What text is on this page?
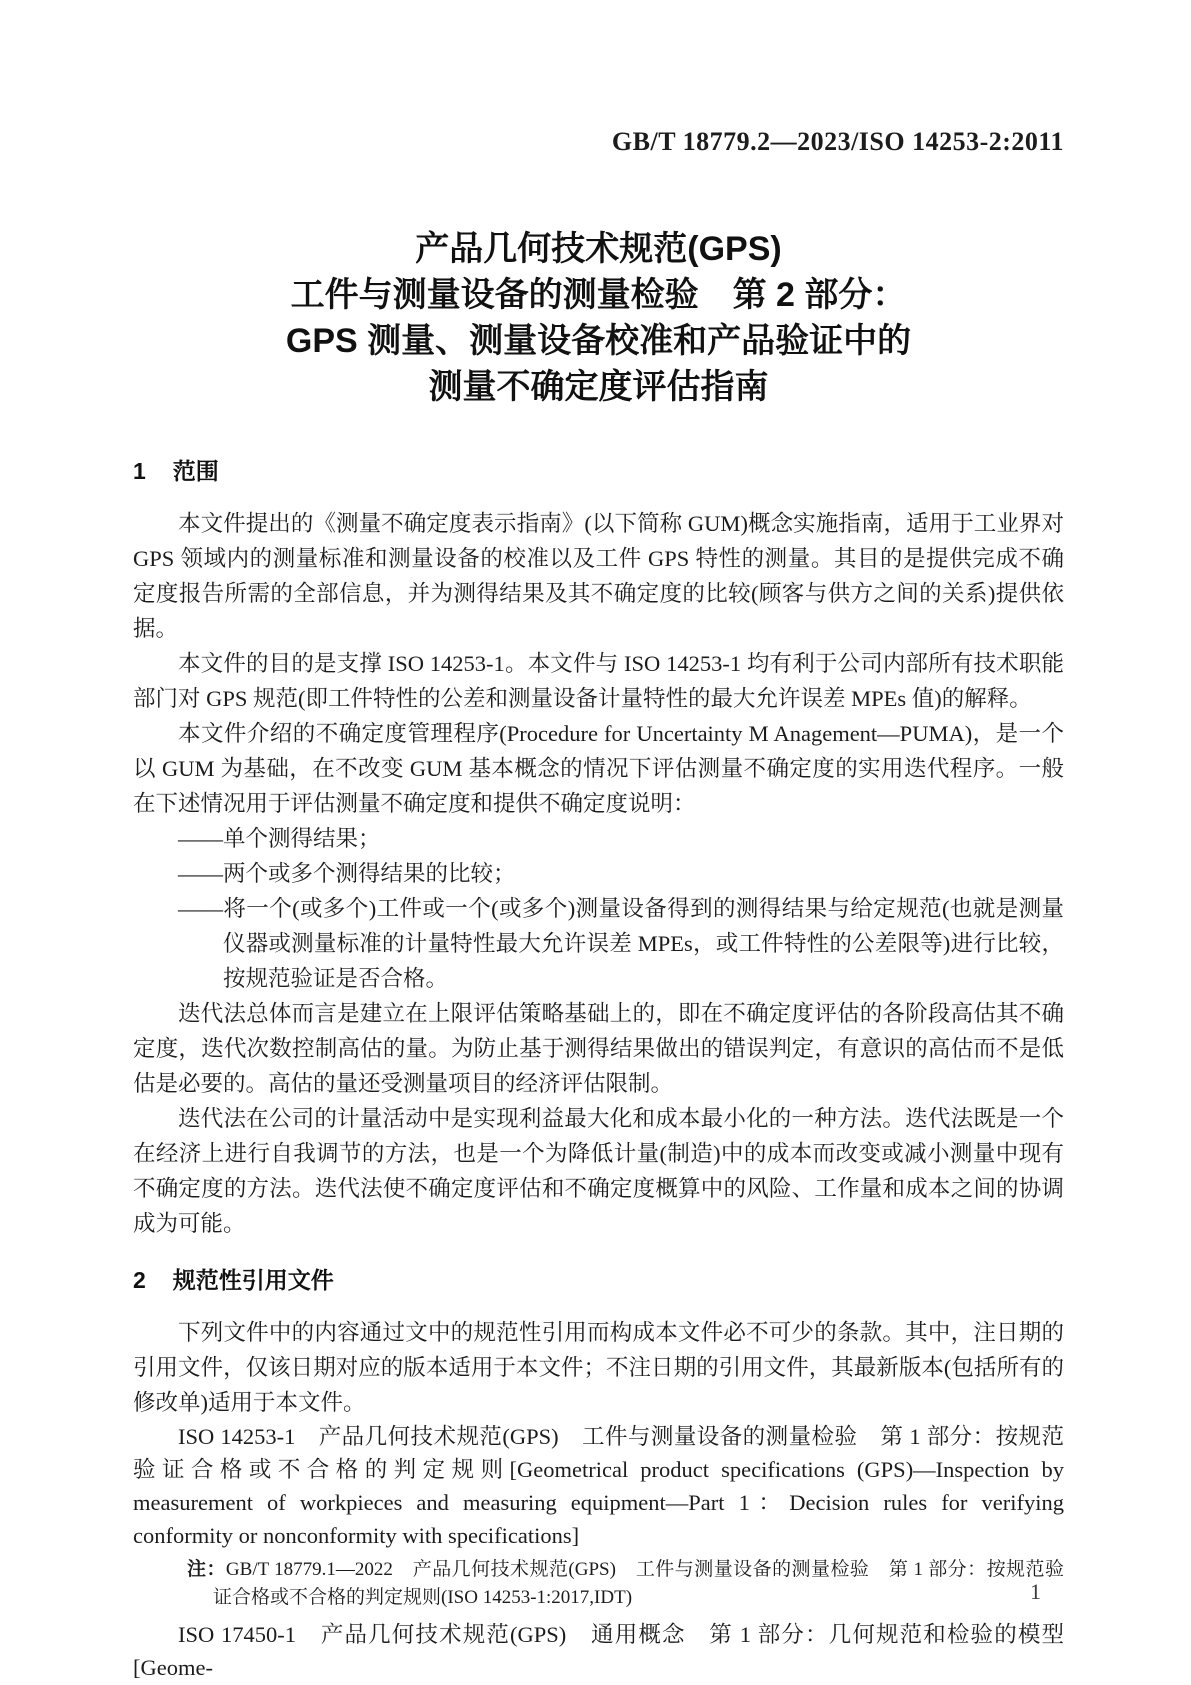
GB/T 18779.2—2023/ISO 14253-2:2011
产品几何技术规范(GPS)
工件与测量设备的测量检验　第 2 部分：
GPS 测量、测量设备校准和产品验证中的
测量不确定度评估指南
1 范围

本文件提出的《测量不确定度表示指南》(以下简称 GUM)概念实施指南，适用于工业界对 GPS 领域内的测量标准和测量设备的校准以及工件 GPS 特性的测量。其目的是提供完成不确定度报告所需的全部信息，并为测得结果及其不确定度的比较(顾客与供方之间的关系)提供依据。

本文件的目的是支撑 ISO 14253-1。本文件与 ISO 14253-1 均有利于公司内部所有技术职能部门对 GPS 规范(即工件特性的公差和测量设备计量特性的最大允许误差 MPEs 值)的解释。

本文件介绍的不确定度管理程序(Procedure for Uncertainty M Anagement—PUMA)，是一个以 GUM 为基础，在不改变 GUM 基本概念的情况下评估测量不确定度的实用迭代程序。一般在下述情况用于评估测量不确定度和提供不确定度说明：

——单个测得结果；

——两个或多个测得结果的比较；

——将一个(或多个)工件或一个(或多个)测量设备得到的测得结果与给定规范(也就是测量仪器或测量标准的计量特性最大允许误差 MPEs，或工件特性的公差限等)进行比较，按规范验证是否合格。

迭代法总体而言是建立在上限评估策略基础上的，即在不确定度评估的各阶段高估其不确定度，迭代次数控制高估的量。为防止基于测得结果做出的错误判定，有意识的高估而不是低估是必要的。高估的量还受测量项目的经济评估限制。

迭代法在公司的计量活动中是实现利益最大化和成本最小化的一种方法。迭代法既是一个在经济上进行自我调节的方法，也是一个为降低计量(制造)中的成本而改变或减小测量中现有不确定度的方法。迭代法使不确定度评估和不确定度概算中的风险、工作量和成本之间的协调成为可能。

2 规范性引用文件

下列文件中的内容通过文中的规范性引用而构成本文件必不可少的条款。其中，注日期的引用文件，仅该日期对应的版本适用于本文件；不注日期的引用文件，其最新版本(包括所有的修改单)适用于本文件。

ISO 14253-1　产品几何技术规范(GPS)　工件与测量设备的测量检验　第 1 部分：按规范验证合格或不合格的判定规则[Geometrical product specifications (GPS)—Inspection by measurement of workpieces and measuring equipment—Part 1：Decision rules for verifying conformity or nonconformity with specifications]

注：GB/T 18779.1—2022　产品几何技术规范(GPS)　工件与测量设备的测量检验　第 1 部分：按规范验证合格或不合格的判定规则(ISO 14253-1:2017,IDT)

ISO 17450-1　产品几何技术规范(GPS)　通用概念　第 1 部分：几何规范和检验的模型[Geome-

1
